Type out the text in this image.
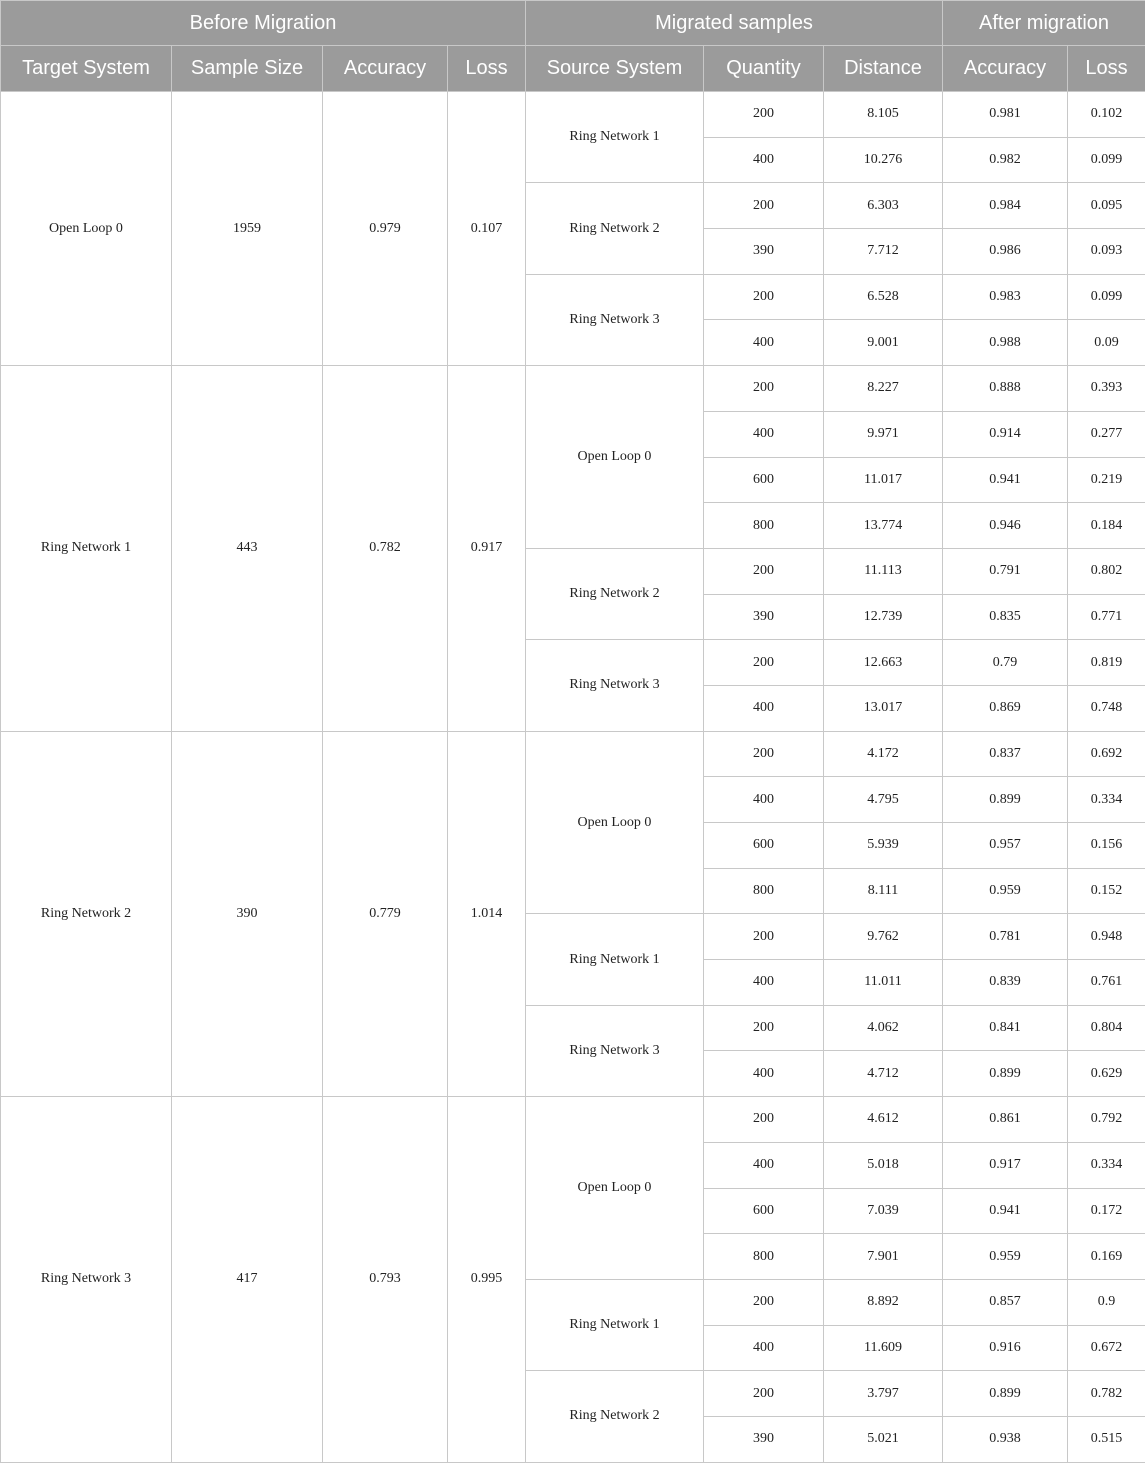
Before Migration				Migrated samples			After migration	
Target System	Sample Size	Accuracy	Loss	Source System	Quantity	Distance	Accuracy	Loss
Open Loop 0	1959	0.979	0.107	Ring Network 1	200	8.105	0.981	0.102
					400	10.276	0.982	0.099
				Ring Network 2	200	6.303	0.984	0.095
					390	7.712	0.986	0.093
				Ring Network 3	200	6.528	0.983	0.099
					400	9.001	0.988	0.09
Ring Network 1	443	0.782	0.917	Open Loop 0	200	8.227	0.888	0.393
					400	9.971	0.914	0.277
					600	11.017	0.941	0.219
					800	13.774	0.946	0.184
				Ring Network 2	200	11.113	0.791	0.802
					390	12.739	0.835	0.771
				Ring Network 3	200	12.663	0.79	0.819
					400	13.017	0.869	0.748
Ring Network 2	390	0.779	1.014	Open Loop 0	200	4.172	0.837	0.692
					400	4.795	0.899	0.334
					600	5.939	0.957	0.156
					800	8.111	0.959	0.152
				Ring Network 1	200	9.762	0.781	0.948
					400	11.011	0.839	0.761
				Ring Network 3	200	4.062	0.841	0.804
					400	4.712	0.899	0.629
Ring Network 3	417	0.793	0.995	Open Loop 0	200	4.612	0.861	0.792
					400	5.018	0.917	0.334
					600	7.039	0.941	0.172
					800	7.901	0.959	0.169
				Ring Network 1	200	8.892	0.857	0.9
					400	11.609	0.916	0.672
				Ring Network 2	200	3.797	0.899	0.782
					390	5.021	0.938	0.515
